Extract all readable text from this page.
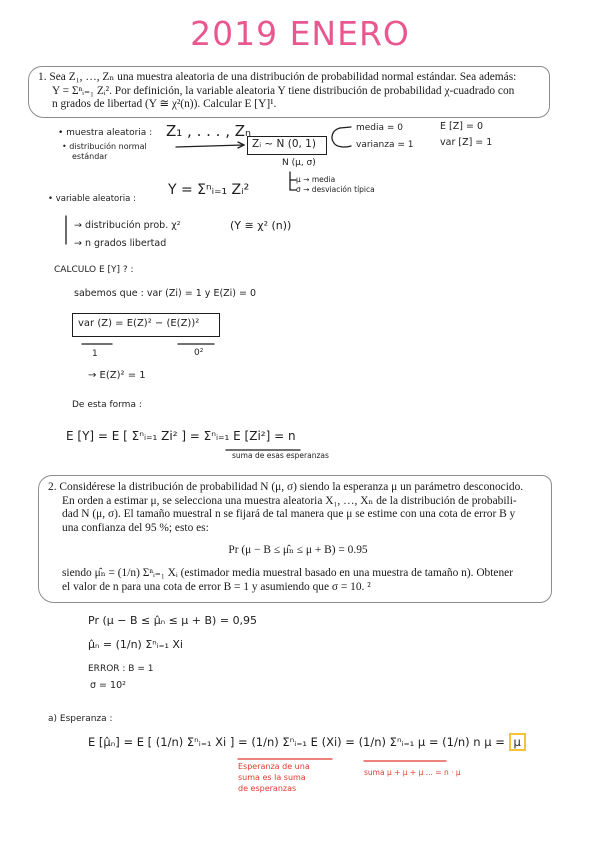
2019 ENERO

1. Sea Z₁, …, Zₙ una muestra aleatoria de una distribución de probabilidad normal estándar. Sea además:

Y = Σⁿᵢ₌₁ Zᵢ². Por definición, la variable aleatoria Y tiene distribución de probabilidad χ-cuadrado con

n grados de libertad (Y ≅ χ²(n)). Calcular E [Y]¹.

• muestra aleatoria : Z₁ , . . . , Zₙ
• distribución normal
estándar
Zᵢ ~ N (0, 1)
media = 0
varianza = 1
E [Z] = 0
var [Z] = 1
N (μ, σ)
μ → media
σ → desviación típica
• variable aleatoria :
Y = Σⁿᵢ₌₁ Zᵢ²
→ distribución prob. χ²
→ n grados libertad
(Y ≅ χ² (n))
CALCULO E [Y] ? :
sabemos que : var (Zi) = 1 y E(Zi) = 0
var (Z) = E(Z)² − (E(Z))²
1	0²
→ E(Z)² = 1
De esta forma :
E [Y] = E [ Σⁿᵢ₌₁ Zi² ] = Σⁿᵢ₌₁ E [Zi²] = n
suma de esas esperanzas

2. Considérese la distribución de probabilidad N (μ, σ) siendo la esperanza μ un parámetro desconocido.

En orden a estimar μ, se selecciona una muestra aleatoria X₁, …, Xₙ de la distribución de probabili-

dad N (μ, σ). El tamaño muestral n se fijará de tal manera que μ se estime con una cota de error B y

una confianza del 95 %; esto es:

Pr (μ − B ≤ μ̂ₙ ≤ μ + B) = 0.95

siendo μ̂ₙ = (1/n) Σⁿᵢ₌₁ Xᵢ (estimador media muestral basado en una muestra de tamaño n). Obtener

el valor de n para una cota de error B = 1 y asumiendo que σ = 10. ²

Pr (μ − B ≤ μ̂ₙ ≤ μ + B) = 0,95
μ̂ₙ = (1/n) Σⁿᵢ₌₁ Xi
ERROR : B = 1
σ = 10²
a) Esperanza :
E [μ̂ₙ] = E [ (1/n) Σⁿᵢ₌₁ Xi ] = (1/n) Σⁿᵢ₌₁ E (Xi) = (1/n) Σⁿᵢ₌₁ μ = (1/n) n μ = μ
Esperanza de una
suma es la suma
de esperanzas
suma μ + μ + μ ... = n · μ
